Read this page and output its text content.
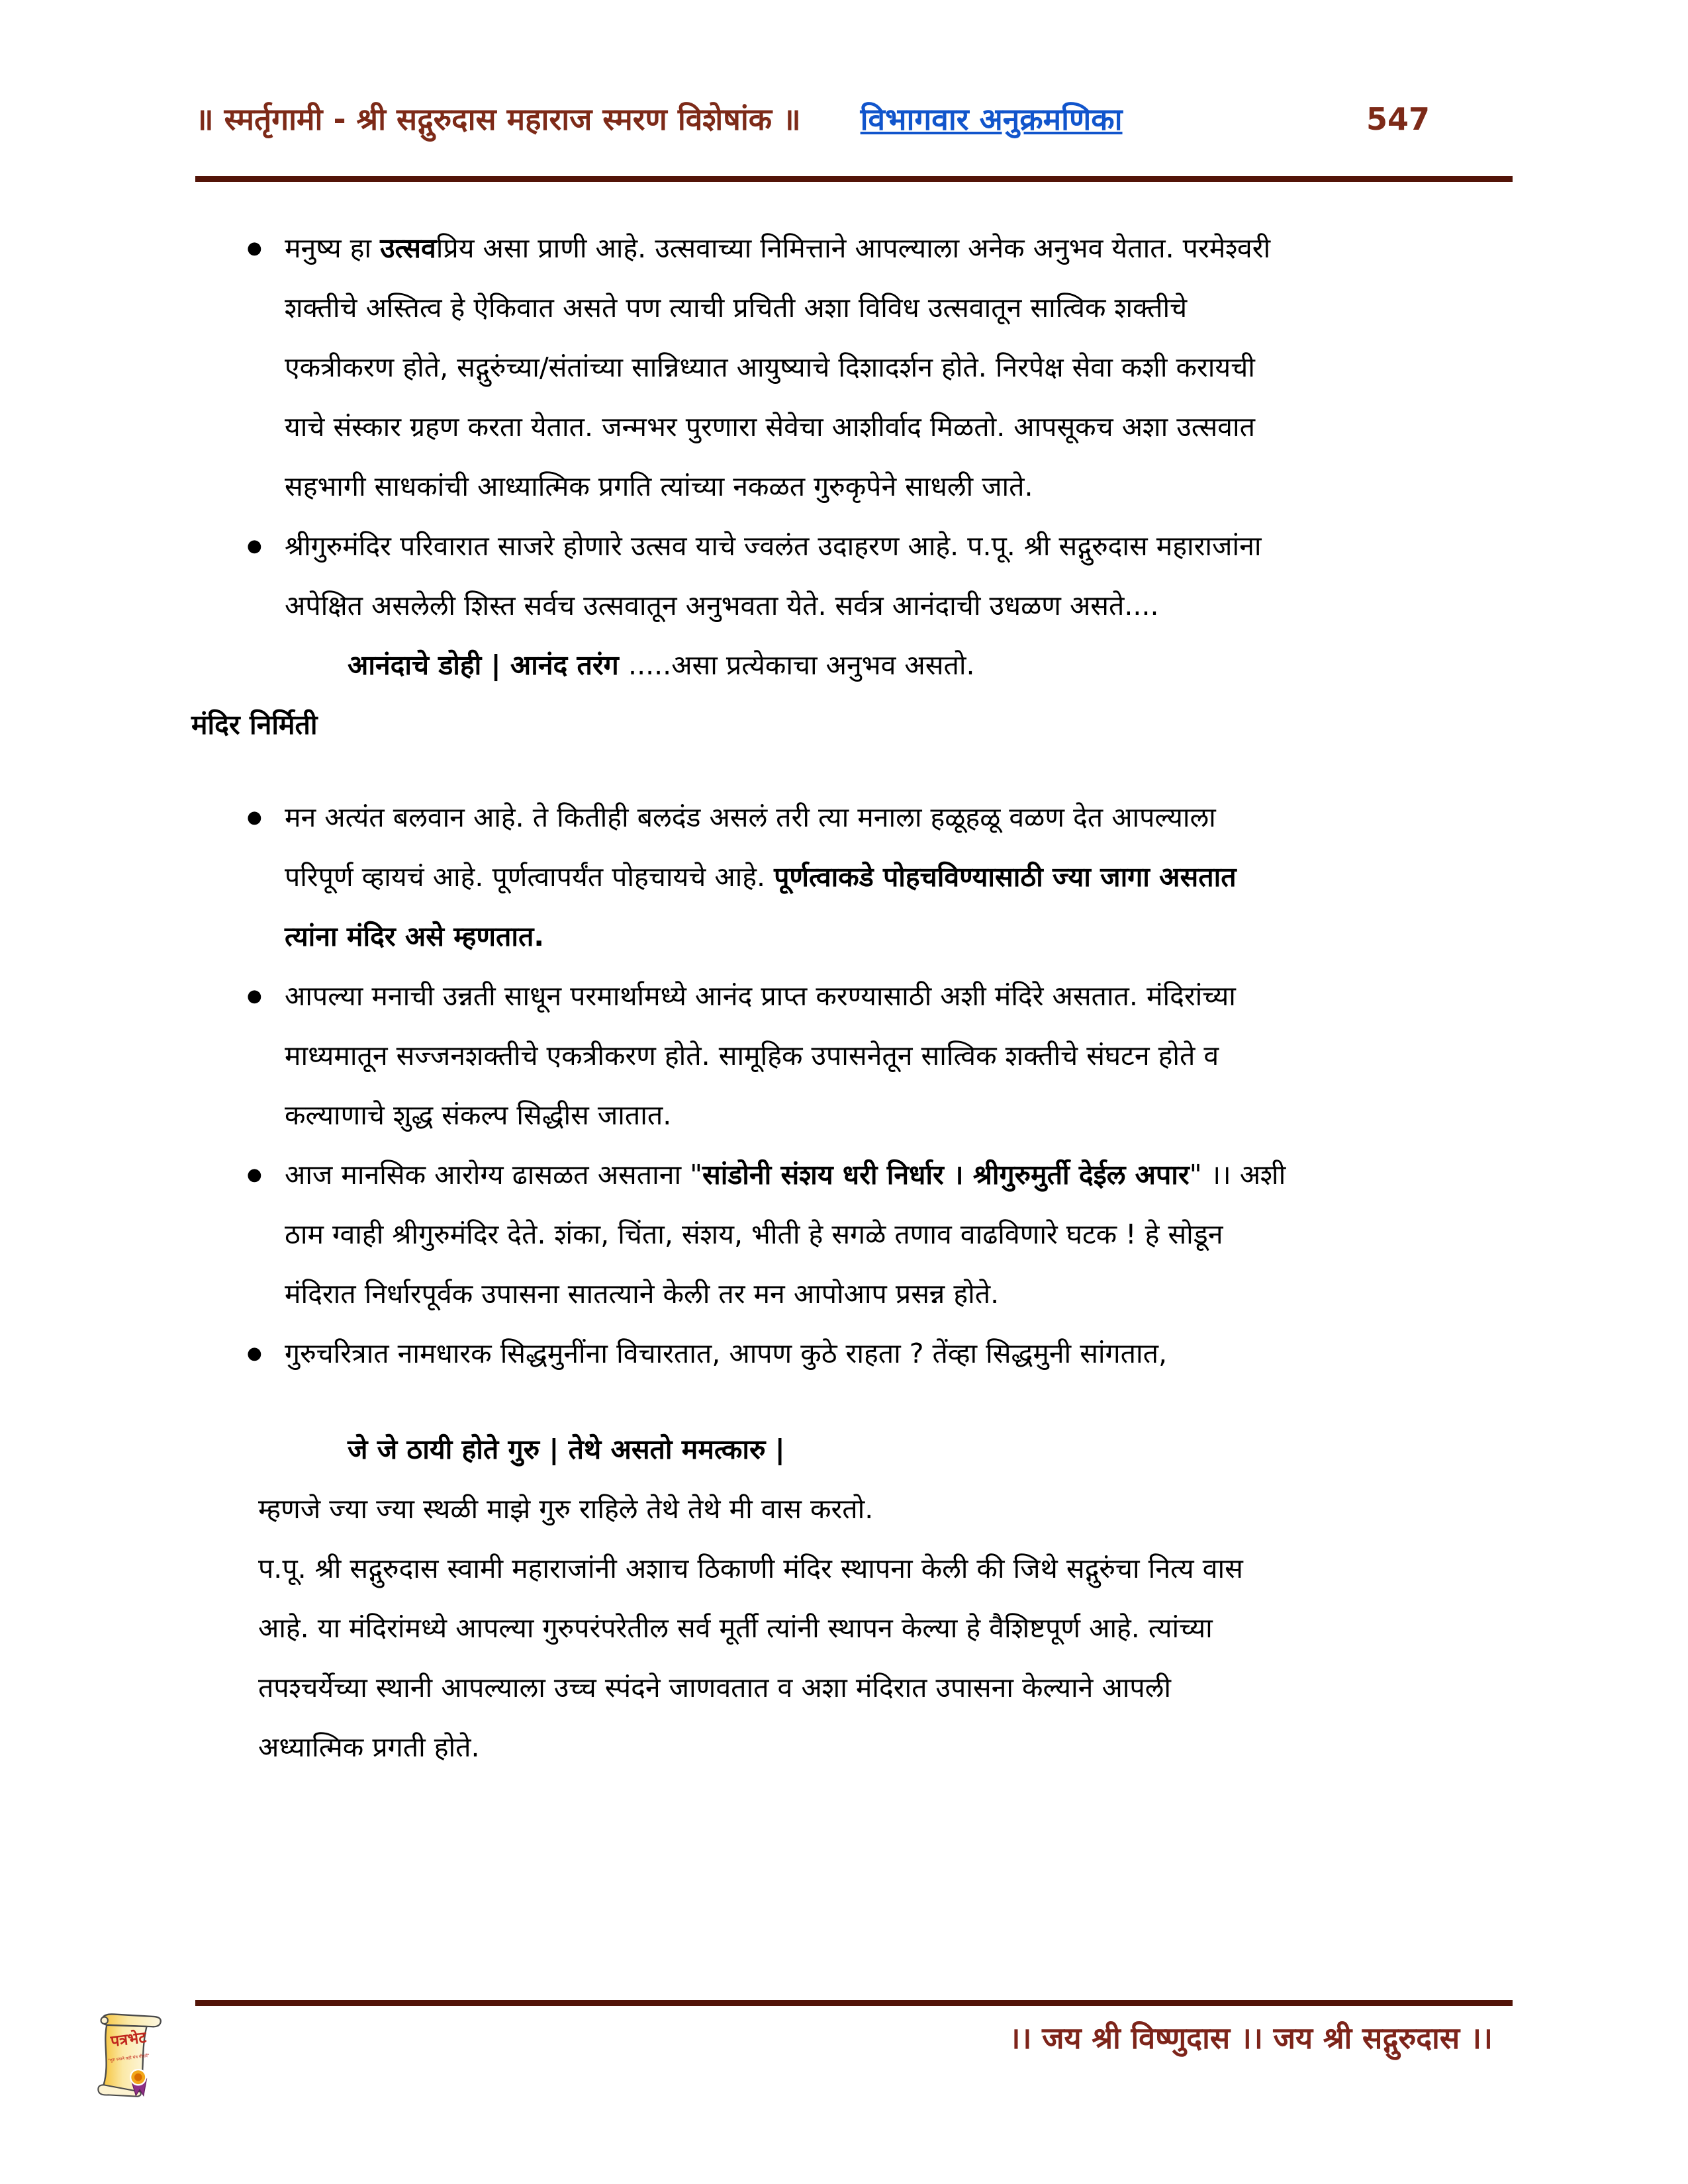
॥ स्मर्तृगामी - श्री सद्गुरुदास महाराज स्मरण विशेषांक ॥ विभागवार अनुक्रमणिका	547
● मनुष्य हा उत्सवप्रिय असा प्राणी आहे. उत्सवाच्या निमित्ताने आपल्याला अनेक अनुभव येतात. परमेश्वरी
शक्तीचे अस्तित्व हे ऐकिवात असते पण त्याची प्रचिती अशा विविध उत्सवातून सात्विक शक्तीचे
एकत्रीकरण होते, सद्गुरुंच्या/संतांच्या सान्निध्यात आयुष्याचे दिशादर्शन होते. निरपेक्ष सेवा कशी करायची
याचे संस्कार ग्रहण करता येतात. जन्मभर पुरणारा सेवेचा आशीर्वाद मिळतो. आपसूकच अशा उत्सवात
सहभागी साधकांची आध्यात्मिक प्रगति त्यांच्या नकळत गुरुकृपेने साधली जाते.
● श्रीगुरुमंदिर परिवारात साजरे होणारे उत्सव याचे ज्वलंत उदाहरण आहे. प.पू. श्री सद्गुरुदास महाराजांना
अपेक्षित असलेली शिस्त सर्वच उत्सवातून अनुभवता येते. सर्वत्र आनंदाची उधळण असते....
आनंदाचे डोही | आनंद तरंग .....असा प्रत्येकाचा अनुभव असतो.
मंदिर निर्मिती
● मन अत्यंत बलवान आहे. ते कितीही बलदंड असलं तरी त्या मनाला हळूहळू वळण देत आपल्याला
परिपूर्ण व्हायचं आहे. पूर्णत्वापर्यंत पोहचायचे आहे. पूर्णत्वाकडे पोहचविण्यासाठी ज्या जागा असतात
त्यांना मंदिर असे म्हणतात.
● आपल्या मनाची उन्नती साधून परमार्थामध्ये आनंद प्राप्त करण्यासाठी अशी मंदिरे असतात. मंदिरांच्या
माध्यमातून सज्जनशक्तीचे एकत्रीकरण होते. सामूहिक उपासनेतून सात्विक शक्तीचे संघटन होते व
कल्याणाचे शुद्ध संकल्प सिद्धीस जातात.
● आज मानसिक आरोग्य ढासळत असताना "सांडोनी संशय धरी निर्धार । श्रीगुरुमुर्ती देईल अपार" ।। अशी
ठाम ग्वाही श्रीगुरुमंदिर देते. शंका, चिंता, संशय, भीती हे सगळे तणाव वाढविणारे घटक ! हे सोडून
मंदिरात निर्धारपूर्वक उपासना सातत्याने केली तर मन आपोआप प्रसन्न होते.
● गुरुचरित्रात नामधारक सिद्धमुनींना विचारतात, आपण कुठे राहता ? तेंव्हा सिद्धमुनी सांगतात,
जे जे ठायी होते गुरु | तेथे असतो ममत्कारु |
म्हणजे ज्या ज्या स्थळी माझे गुरु राहिले तेथे तेथे मी वास करतो.
प.पू. श्री सद्गुरुदास स्वामी महाराजांनी अशाच ठिकाणी मंदिर स्थापना केली की जिथे सद्गुरुंचा नित्य वास
आहे. या मंदिरांमध्ये आपल्या गुरुपरंपरेतील सर्व मूर्ती त्यांनी स्थापन केल्या हे वैशिष्टपूर्ण आहे. त्यांच्या
तपश्चर्येच्या स्थानी आपल्याला उच्च स्पंदने जाणवतात व अशा मंदिरात उपासना केल्याने आपली
अध्यात्मिक प्रगती होते.
।। जय श्री विष्णुदास ।। जय श्री सद्गुरुदास ।।
पत्रभेट
"गुरु ज्याने घडो मंत्र गीतारें"
